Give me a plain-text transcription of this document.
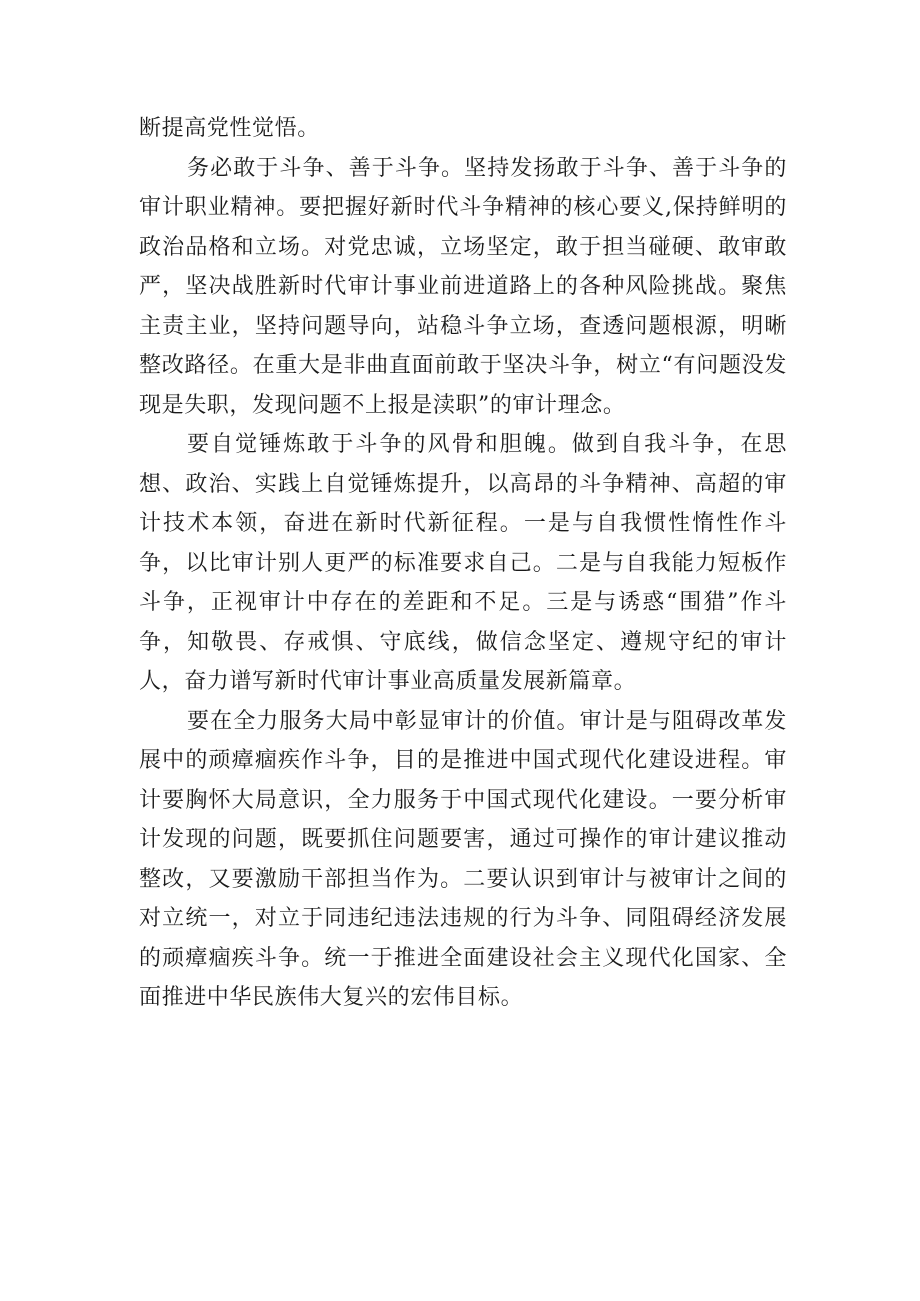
断提高党性觉悟。

务必敢于斗争、善于斗争。坚持发扬敢于斗争、善于斗争的审计职业精神。要把握好新时代斗争精神的核心要义,保持鲜明的政治品格和立场。对党忠诚，立场坚定，敢于担当碰硬、敢审敢严，坚决战胜新时代审计事业前进道路上的各种风险挑战。聚焦主责主业，坚持问题导向，站稳斗争立场，查透问题根源，明晰整改路径。在重大是非曲直面前敢于坚决斗争，树立“有问题没发现是失职，发现问题不上报是渎职”的审计理念。

要自觉锤炼敢于斗争的风骨和胆魄。做到自我斗争，在思想、政治、实践上自觉锤炼提升，以高昂的斗争精神、高超的审计技术本领，奋进在新时代新征程。一是与自我惯性惰性作斗争，以比审计别人更严的标准要求自己。二是与自我能力短板作斗争，正视审计中存在的差距和不足。三是与诱惑“围猎”作斗争，知敬畏、存戒惧、守底线，做信念坚定、遵规守纪的审计人，奋力谱写新时代审计事业高质量发展新篇章。

要在全力服务大局中彰显审计的价值。审计是与阻碍改革发展中的顽瘴痼疾作斗争，目的是推进中国式现代化建设进程。审计要胸怀大局意识，全力服务于中国式现代化建设。一要分析审计发现的问题，既要抓住问题要害，通过可操作的审计建议推动整改，又要激励干部担当作为。二要认识到审计与被审计之间的对立统一，对立于同违纪违法违规的行为斗争、同阻碍经济发展的顽瘴痼疾斗争。统一于推进全面建设社会主义现代化国家、全面推进中华民族伟大复兴的宏伟目标。
